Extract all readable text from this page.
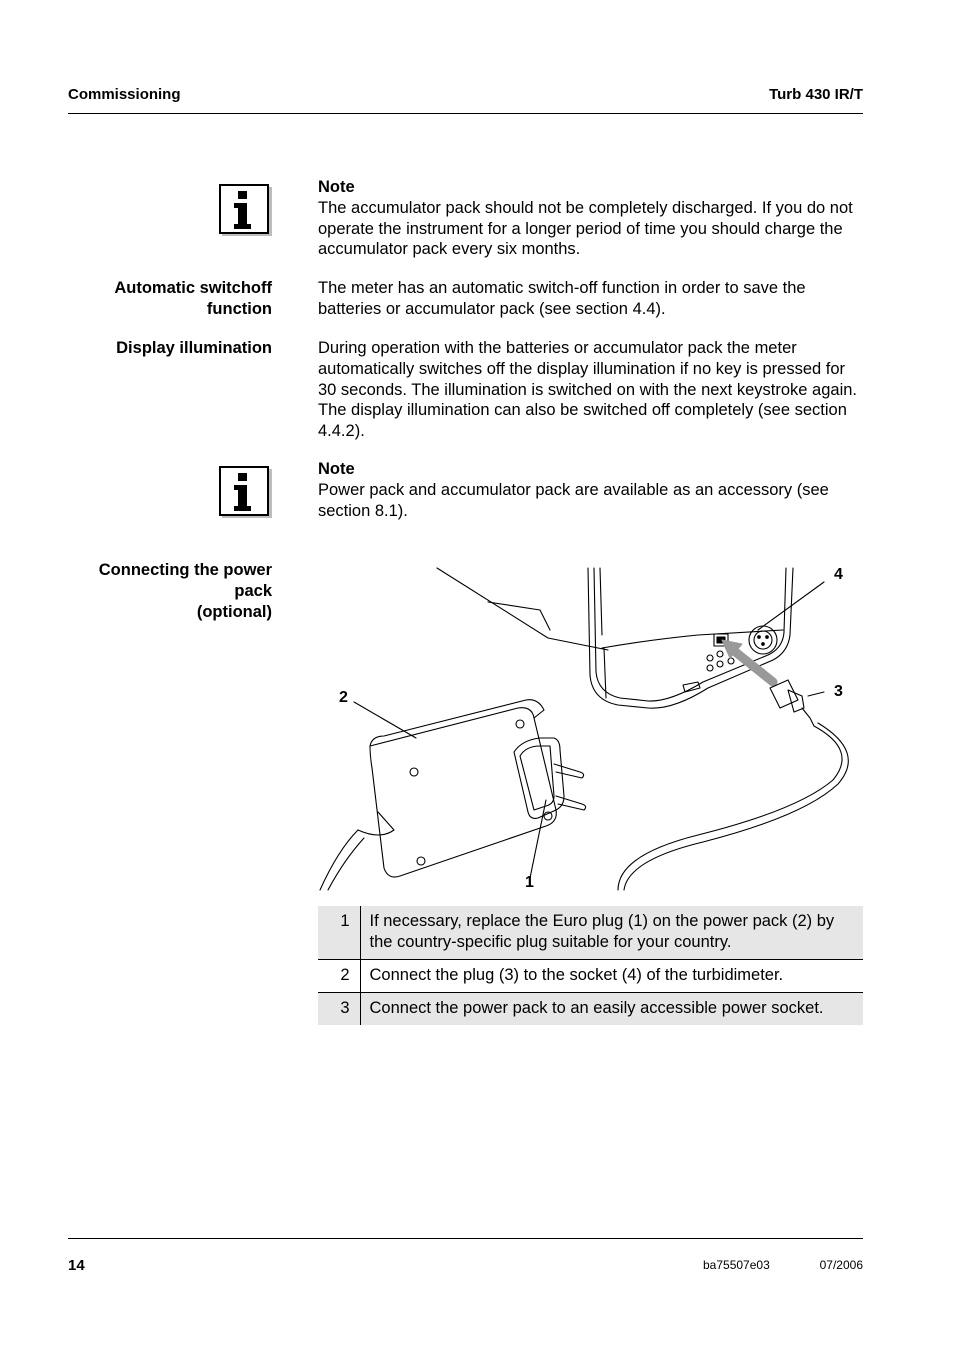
Commissioning	Turb 430 IR/T
Note
The accumulator pack should not be completely discharged. If you do not operate the instrument for a longer period of time you should charge the accumulator pack every six months.
Automatic switchoff function
The meter has an automatic switch-off function in order to save the batteries or accumulator pack (see section 4.4).
Display illumination	During operation with the batteries or accumulator pack the meter automatically switches off the display illumination if no key is pressed for 30 seconds. The illumination is switched on with the next keystroke again. The display illumination can also be switched off completely (see section 4.4.2).
Note
Power pack and accumulator pack are available as an accessory (see section 8.1).
Connecting the power pack
(optional)
2
1
3
4
1	If necessary, replace the Euro plug (1) on the power pack (2) by the country-specific plug suitable for your country.
2	Connect the plug (3) to the socket (4) of the turbidimeter.
3	Connect the power pack to an easily accessible power socket.
14	ba75507e03	07/2006
